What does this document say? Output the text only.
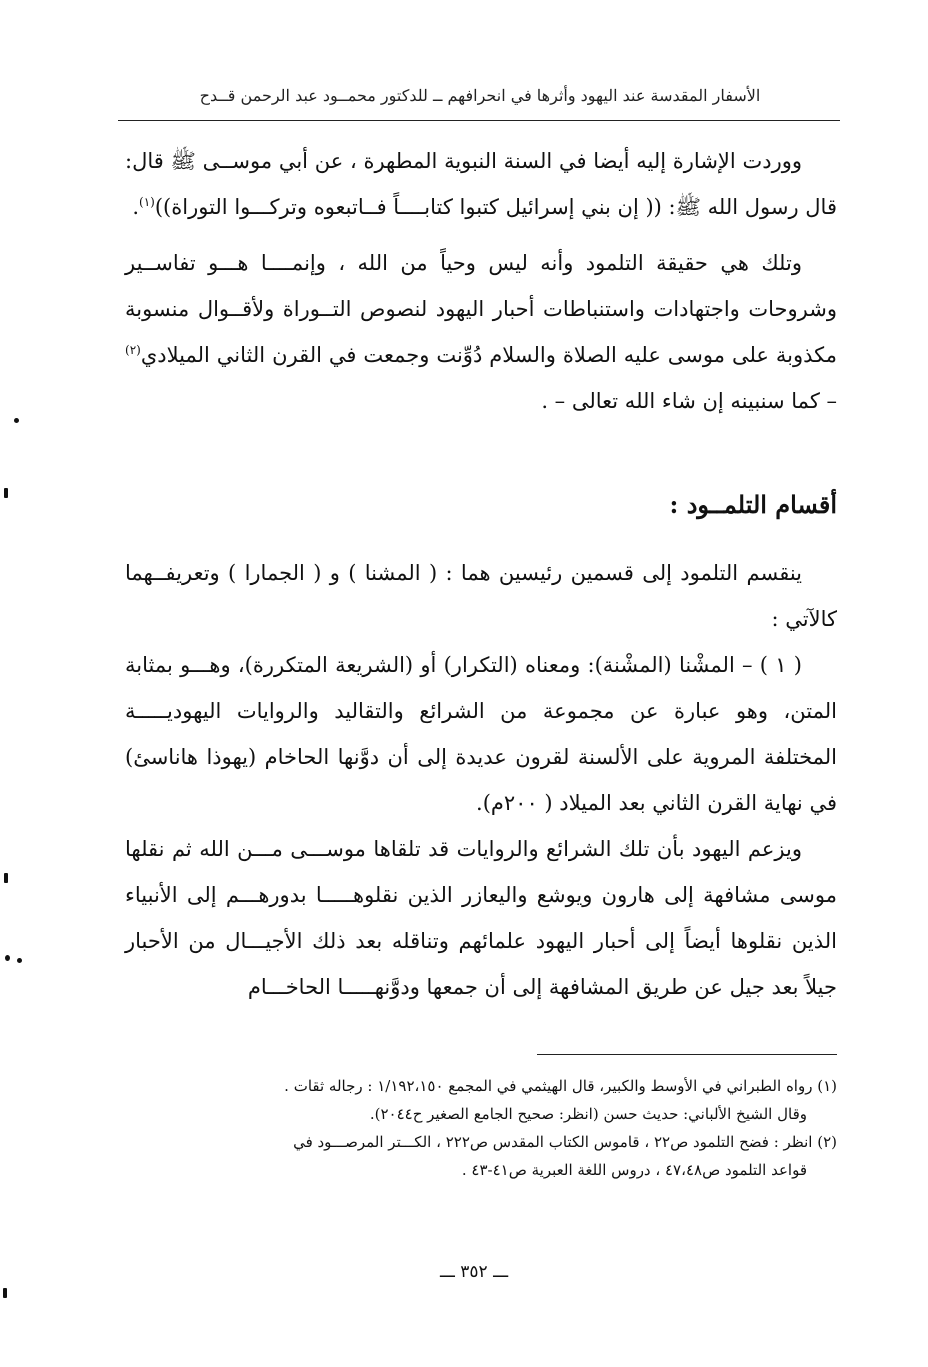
الأسفار المقدسة عند اليهود وأثرها في انحرافهم ــ للدكتور محمــود عبد الرحمن قــدح

ووردت الإشارة إليه أيضا في السنة النبوية المطهرة ، عن أبي موســى ﷺ قال: قال رسول الله ﷺ: (( إن بني إسرائيل كتبوا كتابــــاً فــاتبعوه وتركـــوا التوراة))$^{(١)}$.

وتلك هي حقيقة التلمود وأنه ليس وحياً من الله ، وإنمــــا هـــو تفاســير وشروحات واجتهادات واستنباطات أحبار اليهود لنصوص التــوراة ولأقــوال منسوبة مكذوبة على موسى عليه الصلاة والسلام دُوِّنت وجمعت في القرن الثاني الميلادي$^{(٢)}$ – كما سنبينه إن شاء الله تعالى – .

أقسام التلمــود :

ينقسم التلمود إلى قسمين رئيسين هما : ( المشنا ) و ( الجمارا ) وتعريفــهما كالآتي :

( ١ ) – المشْنا (المشْنة): ومعناه (التكرار) أو (الشريعة المتكررة)، وهـــو بمثابة المتن، وهو عبارة عن مجموعة من الشرائع والتقاليد والروايات اليهوديـــــة المختلفة المروية على الألسنة لقرون عديدة إلى أن دوَّنها الحاخام (يهوذا هاناسئ) في نهاية القرن الثاني بعد الميلاد ( ٢٠٠م).

ويزعم اليهود بأن تلك الشرائع والروايات قد تلقاها موســـى مـــن الله ثم نقلها موسى مشافهة إلى هارون ويوشع واليعازر الذين نقلوهـــــا بدورهـــم إلى الأنبياء الذين نقلوها أيضاً إلى أحبار اليهود علمائهم وتناقله بعد ذلك الأجيـــال من الأحبار جيلاً بعد جيل عن طريق المشافهة إلى أن جمعها ودوَّنهـــــا الحاخـــام

(١) رواه الطبراني في الأوسط والكبير، قال الهيثمي في المجمع ١/١٩٢،١٥٠ : رجاله ثقات .

وقال الشيخ الألباني: حديث حسن (انظر: صحيح الجامع الصغير ح٢٠٤٤).

(٢) انظر : فضح التلمود ص٢٢ ، قاموس الكتاب المقدس ص٢٢٢ ، الكـــتر المرصـــود في

قواعد التلمود ص٤٧،٤٨ ، دروس اللغة العبرية ص٤١-٤٣ .

ـــ ٣٥٢ ـــ
